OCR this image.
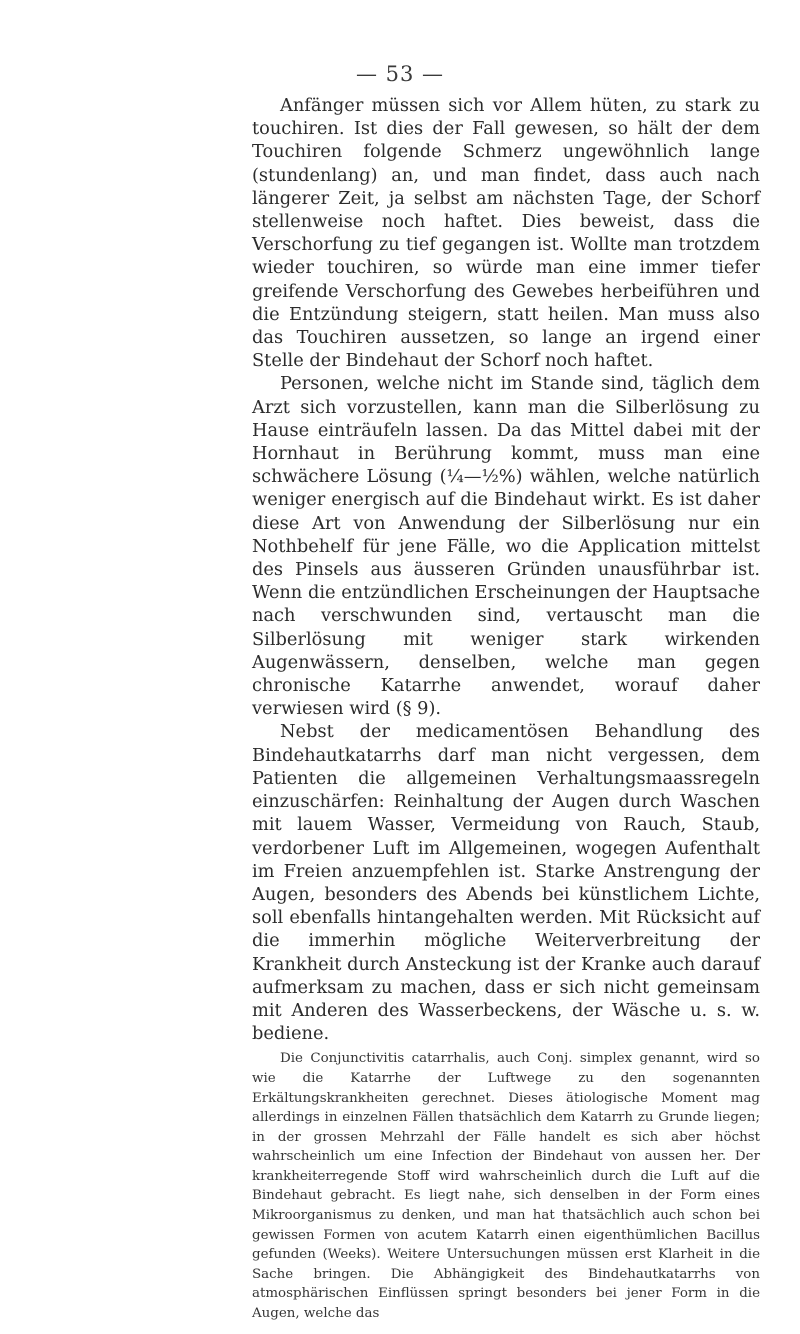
— 53 —

Anfänger müssen sich vor Allem hüten, zu stark zu touchiren. Ist dies der Fall gewesen, so hält der dem Touchiren folgende Schmerz ungewöhnlich lange (stundenlang) an, und man findet, dass auch nach längerer Zeit, ja selbst am nächsten Tage, der Schorf stellenweise noch haftet. Dies beweist, dass die Verschorfung zu tief gegangen ist. Wollte man trotzdem wieder touchiren, so würde man eine immer tiefer greifende Verschorfung des Gewebes herbeiführen und die Entzündung steigern, statt heilen. Man muss also das Touchiren aussetzen, so lange an irgend einer Stelle der Bindehaut der Schorf noch haftet.

Personen, welche nicht im Stande sind, täglich dem Arzt sich vorzustellen, kann man die Silberlösung zu Hause einträufeln lassen. Da das Mittel dabei mit der Hornhaut in Berührung kommt, muss man eine schwächere Lösung (¼—½%) wählen, welche natürlich weniger energisch auf die Bindehaut wirkt. Es ist daher diese Art von Anwendung der Silberlösung nur ein Nothbehelf für jene Fälle, wo die Application mittelst des Pinsels aus äusseren Gründen unausführbar ist. Wenn die entzündlichen Erscheinungen der Hauptsache nach verschwunden sind, vertauscht man die Silberlösung mit weniger stark wirkenden Augenwässern, denselben, welche man gegen chronische Katarrhe anwendet, worauf daher verwiesen wird (§ 9).

Nebst der medicamentösen Behandlung des Bindehautkatarrhs darf man nicht vergessen, dem Patienten die allgemeinen Verhaltungsmaassregeln einzuschärfen: Reinhaltung der Augen durch Waschen mit lauem Wasser, Vermeidung von Rauch, Staub, verdorbener Luft im Allgemeinen, wogegen Aufenthalt im Freien anzuempfehlen ist. Starke Anstrengung der Augen, besonders des Abends bei künstlichem Lichte, soll ebenfalls hintangehalten werden. Mit Rücksicht auf die immerhin mögliche Weiterverbreitung der Krankheit durch Ansteckung ist der Kranke auch darauf aufmerksam zu machen, dass er sich nicht gemeinsam mit Anderen des Wasserbeckens, der Wäsche u. s. w. bediene.

Die Conjunctivitis catarrhalis, auch Conj. simplex genannt, wird so wie die Katarrhe der Luftwege zu den sogenannten Erkältungskrankheiten gerechnet. Dieses ätiologische Moment mag allerdings in einzelnen Fällen thatsächlich dem Katarrh zu Grunde liegen; in der grossen Mehrzahl der Fälle handelt es sich aber höchst wahrscheinlich um eine Infection der Bindehaut von aussen her. Der krankheiterregende Stoff wird wahrscheinlich durch die Luft auf die Bindehaut gebracht. Es liegt nahe, sich denselben in der Form eines Mikroorganismus zu denken, und man hat thatsächlich auch schon bei gewissen Formen von acutem Katarrh einen eigenthümlichen Bacillus gefunden (Weeks). Weitere Untersuchungen müssen erst Klarheit in die Sache bringen. Die Abhängigkeit des Bindehautkatarrhs von atmosphärischen Einflüssen springt besonders bei jener Form in die Augen, welche das
